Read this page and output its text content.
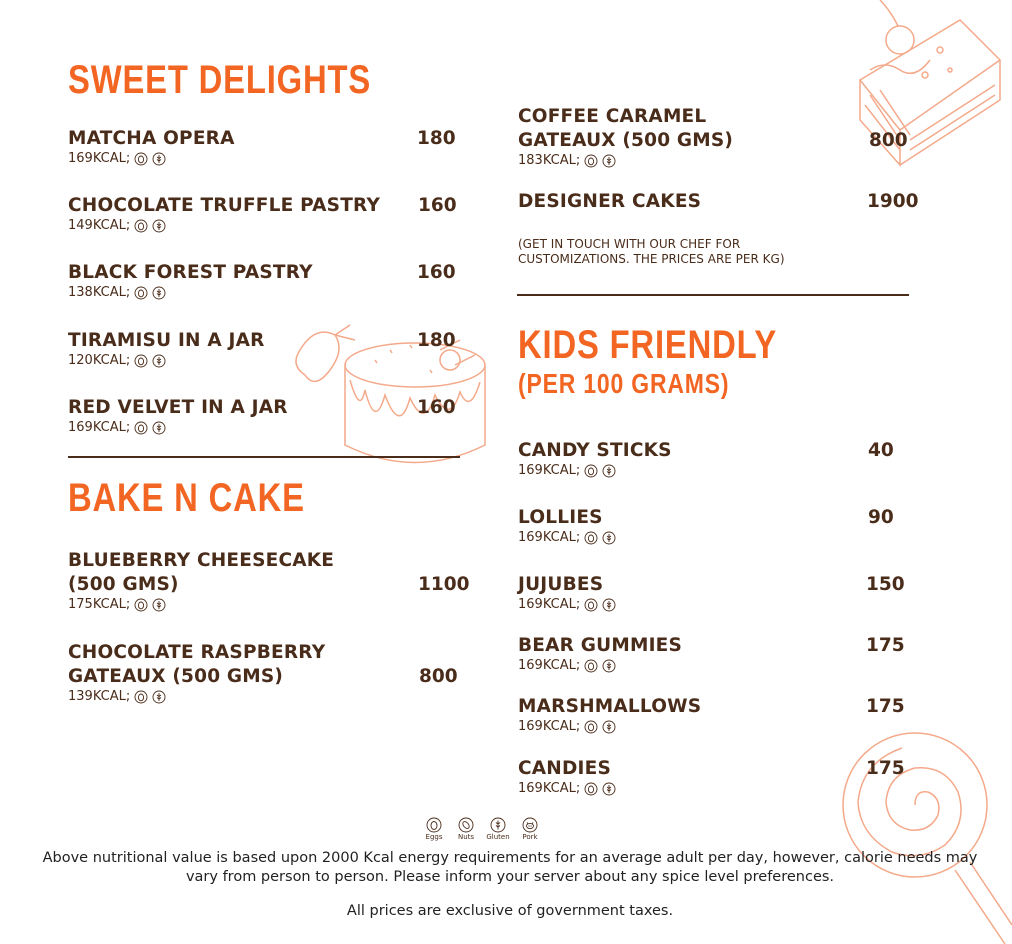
SWEET DELIGHTS
MATCHA OPERA
169KCAL;
180
CHOCOLATE TRUFFLE PASTRY
149KCAL;
160
BLACK FOREST PASTRY
138KCAL;
160
TIRAMISU IN A JAR
120KCAL;
180
RED VELVET IN A JAR
169KCAL;
160
BAKE N CAKE
BLUEBERRY CHEESECAKE
(500 GMS)
175KCAL;
1100
CHOCOLATE RASPBERRY
GATEAUX (500 GMS)
139KCAL;
800
COFFEE CARAMEL
GATEAUX (500 GMS)
183KCAL;
800
DESIGNER CAKES	1900
(GET IN TOUCH WITH OUR CHEF FOR CUSTOMIZATIONS. THE PRICES ARE PER KG)
KIDS FRIENDLY
(PER 100 GRAMS)
CANDY STICKS
169KCAL;
40
LOLLIES
169KCAL;
90
JUJUBES
169KCAL;
150
BEAR GUMMIES
169KCAL;
175
MARSHMALLOWS
169KCAL;
175
CANDIES
169KCAL;
175
Eggs Nuts Gluten Pork
Above nutritional value is based upon 2000 Kcal energy requirements for an average adult per day, however, calorie needs may vary from person to person. Please inform your server about any spice level preferences.
All prices are exclusive of government taxes.
